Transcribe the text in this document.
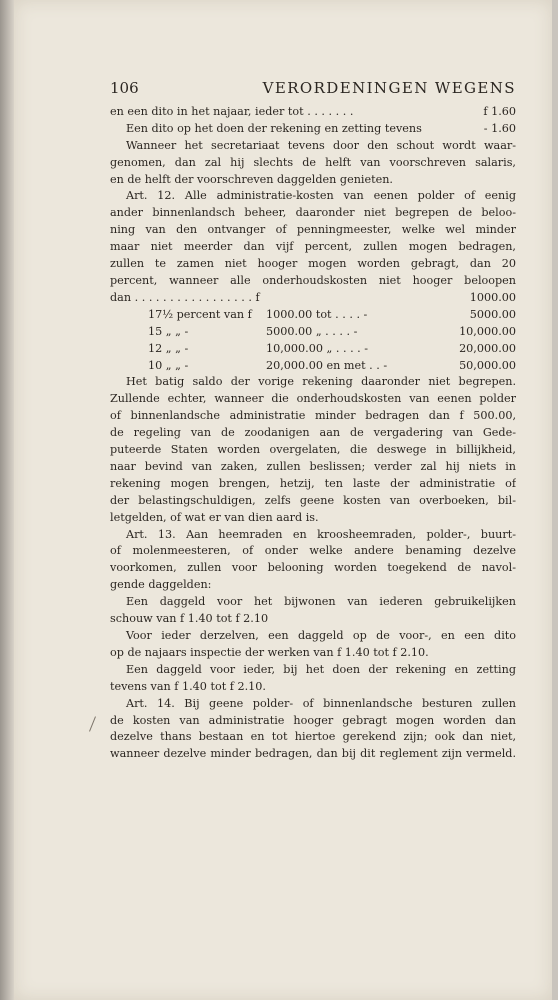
106	VERORDENINGEN WEGENS
en een dito in het najaar, ieder tot . . . . . . .	f 1.60
Een dito op het doen der rekening en zetting tevens	- 1.60
Wanneer het secretariaat tevens door den schout wordt waar-
genomen, dan zal hij slechts de helft van voorschreven salaris,
en de helft der voorschreven daggelden genieten.
Art. 12. Alle administratie-kosten van eenen polder of eenig
ander binnenlandsch beheer, daaronder niet begrepen de beloo-
ning van den ontvanger of penningmeester, welke wel minder
maar niet meerder dan vijf percent, zullen mogen bedragen,
zullen te zamen niet hooger mogen worden gebragt, dan 20
percent, wanneer alle onderhoudskosten niet hooger beloopen
dan . . . . . . . . . . . . . . . . . f	1000.00
17½ percent van f	1000.00 tot . . . . -	5000.00
15 „ „ -	5000.00 „ . . . . -	10,000.00
12 „ „ -	10,000.00 „ . . . . -	20,000.00
10 „ „ -	20,000.00 en met . . -	50,000.00
Het batig saldo der vorige rekening daaronder niet begrepen.
Zullende echter, wanneer die onderhoudskosten van eenen polder
of binnenlandsche administratie minder bedragen dan f 500.00,
de regeling van de zoodanigen aan de vergadering van Gede-
puteerde Staten worden overgelaten, die deswege in billijkheid,
naar bevind van zaken, zullen beslissen; verder zal hij niets in
rekening mogen brengen, hetzij, ten laste der administratie of
der belastingschuldigen, zelfs geene kosten van overboeken, bil-
letgelden, of wat er van dien aard is.
Art. 13. Aan heemraden en kroosheemraden, polder-, buurt-
of molenmeesteren, of onder welke andere benaming dezelve
voorkomen, zullen voor belooning worden toegekend de navol-
gende daggelden:
Een daggeld voor het bijwonen van iederen gebruikelijken
schouw van f 1.40 tot f 2.10
Voor ieder derzelven, een daggeld op de voor-, en een dito
op de najaars inspectie der werken van f 1.40 tot f 2.10.
Een daggeld voor ieder, bij het doen der rekening en zetting
tevens van f 1.40 tot f 2.10.
Art. 14. Bij geene polder- of binnenlandsche besturen zullen
de kosten van administratie hooger gebragt mogen worden dan
dezelve thans bestaan en tot hiertoe gerekend zijn; ook dan niet,
wanneer dezelve minder bedragen, dan bij dit reglement zijn vermeld.
